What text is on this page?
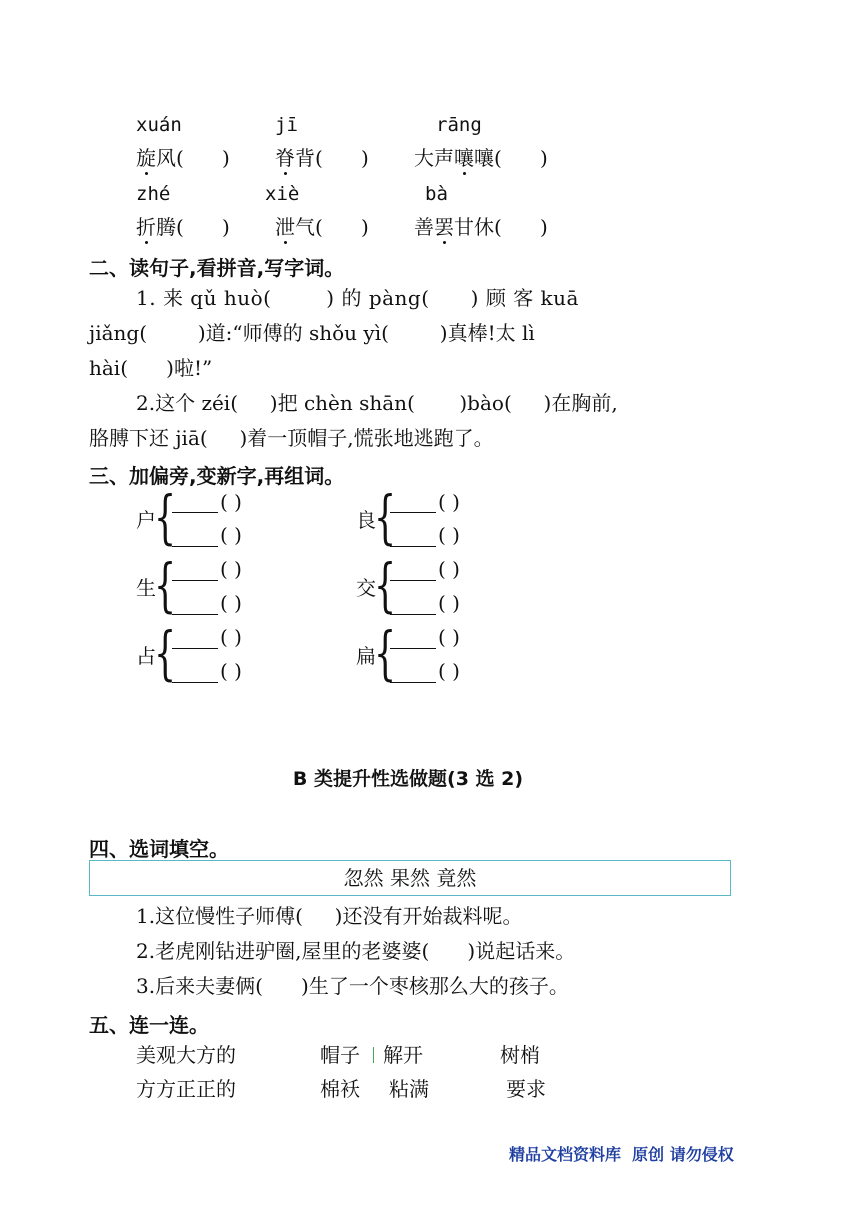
xuán	jī	rāng
旋风(      ) 脊背(      ) 大声嚷嚷(      )
zhé	xiè	bà
折腾(      ) 泄气(      ) 善罢甘休(      )
二、读句子,看拼音,写字词。
1. 来 qǔ huò(        ) 的 pàng(      ) 顾 客 kuā
jiǎng(        )道:“师傅的 shǒu yì(        )真棒!太 lì
hài(      )啦!”
2.这个 zéi(     )把 chèn shān(       )bào(     )在胸前,
胳膊下还 jiā(     )着一顶帽子,慌张地逃跑了。
三、加偏旁,变新字,再组词。
户
{ ( )
( )
良
{ ( )
( )
生
{ ( )
( )
交
{ ( )
( )
占
{ ( )
( )
扁
{ ( )
( )
B 类提升性选做题(3 选 2)
四、选词填空。
忽然 果然 竟然
1.这位慢性子师傅(     )还没有开始裁料呢。
2.老虎刚钻进驴圈,屋里的老婆婆(      )说起话来。
3.后来夫妻俩(      )生了一个枣核那么大的孩子。
五、连一连。
美观大方的	帽子 解开	树梢
方方正正的	棉袄 粘满	要求
精品文档资料库  原创 请勿侵权
